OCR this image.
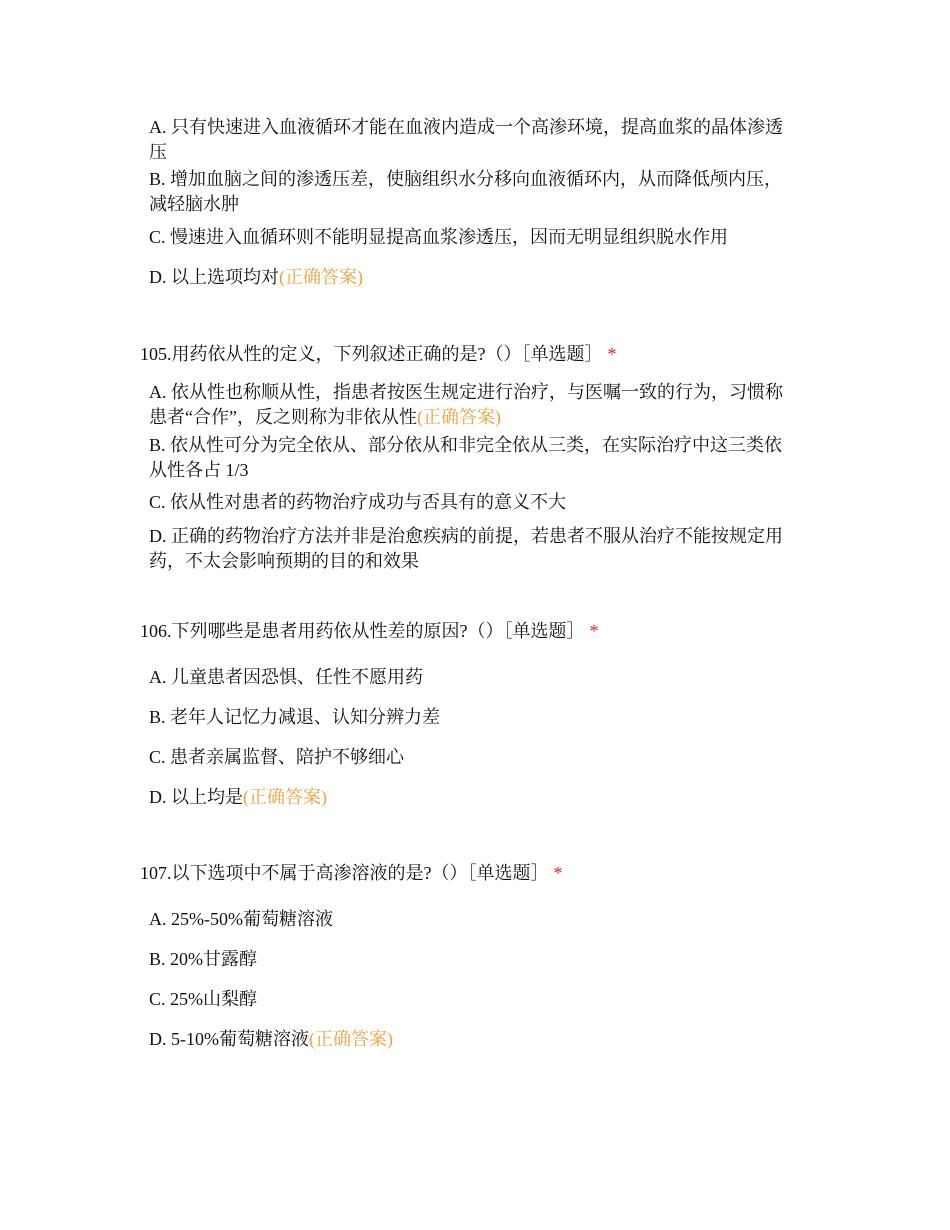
A. 只有快速进入血液循环才能在血液内造成一个高渗环境，提高血浆的晶体渗透压
B. 增加血脑之间的渗透压差，使脑组织水分移向血液循环内，从而降低颅内压，减轻脑水肿
C. 慢速进入血循环则不能明显提高血浆渗透压，因而无明显组织脱水作用
D. 以上选项均对(正确答案)
105.用药依从性的定义，下列叙述正确的是?（）［单选题］ *
A. 依从性也称顺从性，指患者按医生规定进行治疗，与医嘱一致的行为，习惯称患者“合作”，反之则称为非依从性(正确答案)
B. 依从性可分为完全依从、部分依从和非完全依从三类，在实际治疗中这三类依从性各占 1/3
C. 依从性对患者的药物治疗成功与否具有的意义不大
D. 正确的药物治疗方法并非是治愈疾病的前提，若患者不服从治疗不能按规定用药，不太会影响预期的目的和效果
106.下列哪些是患者用药依从性差的原因?（）［单选题］ *
A. 儿童患者因恐惧、任性不愿用药
B. 老年人记忆力减退、认知分辨力差
C. 患者亲属监督、陪护不够细心
D. 以上均是(正确答案)
107.以下选项中不属于高渗溶液的是?（）［单选题］ *
A. 25%-50%葡萄糖溶液
B. 20%甘露醇
C. 25%山梨醇
D. 5-10%葡萄糖溶液(正确答案)
